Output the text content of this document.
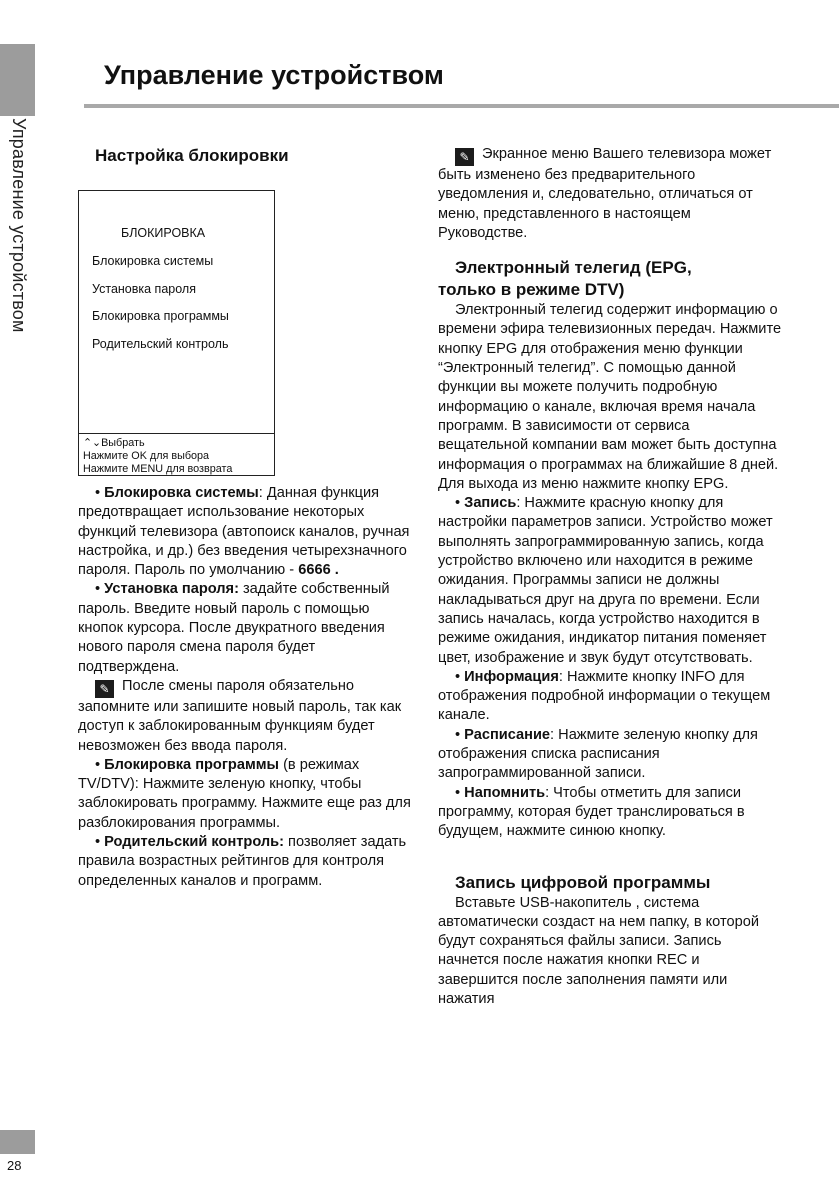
Управление устройством
Управление устройством

Настройка блокировки

БЛОКИРОВКА
Блокировка системы
Установка пароля
Блокировка программы
Родительский контроль
⌃⌄Выбрать
Нажмите OK для выбора
Нажмите MENU для возврата

• Блокировка системы: Данная функция предотвращает использование некоторых функций телевизора (автопоиск каналов, ручная настройка, и др.) без введения четырехзначного пароля. Пароль по умолчанию - 6666 .

• Установка пароля: задайте собственный пароль. Введите новый пароль с помощью кнопок курсора. После двукратного введения нового пароля смена пароля будет подтверждена.

✎ После смены пароля обязательно запомните или запишите новый пароль, так как доступ к заблокированным функциям будет невозможен без ввода пароля.

• Блокировка программы (в режимах TV/DTV): Нажмите зеленую кнопку, чтобы заблокировать программу. Нажмите еще раз для разблокирования программы.

• Родительский контроль: позволяет задать правила возрастных рейтингов для контроля определенных каналов и программ.

✎ Экранное меню Вашего телевизора может быть изменено без предварительного уведомления и, следовательно, отличаться от меню, представленного в настоящем Руководстве.

Электронный телегид (EPG,
только в режиме DTV)

Электронный телегид содержит информацию о времени эфира телевизионных передач. Нажмите кнопку EPG для отображения меню функции “Электронный телегид”. С помощью данной функции вы можете получить подробную информацию о канале, включая время начала программ. В зависимости от сервиса вещательной компании вам может быть доступна информация о программах на ближайшие 8 дней. Для выхода из меню нажмите кнопку EPG.

• Запись: Нажмите красную кнопку для настройки параметров записи. Устройство может выполнять запрограммированную запись, когда устройство включено или находится в режиме ожидания. Программы записи не должны накладываться друг на друга по времени. Если запись началась, когда устройство находится в режиме ожидания, индикатор питания поменяет цвет, изображение и звук будут отсутствовать.

• Информация: Нажмите кнопку INFO для отображения подробной информации о текущем канале.

• Расписание: Нажмите зеленую кнопку для отображения списка расписания запрограммированной записи.

• Напомнить: Чтобы отметить для записи программу, которая будет транслироваться в будущем, нажмите синюю кнопку.

Запись цифровой программы

Вставьте USB-накопитель , система автоматически создаст на нем папку, в которой будут сохраняться файлы записи. Запись начнется после нажатия кнопки REC и завершится после заполнения памяти или нажатия

28
